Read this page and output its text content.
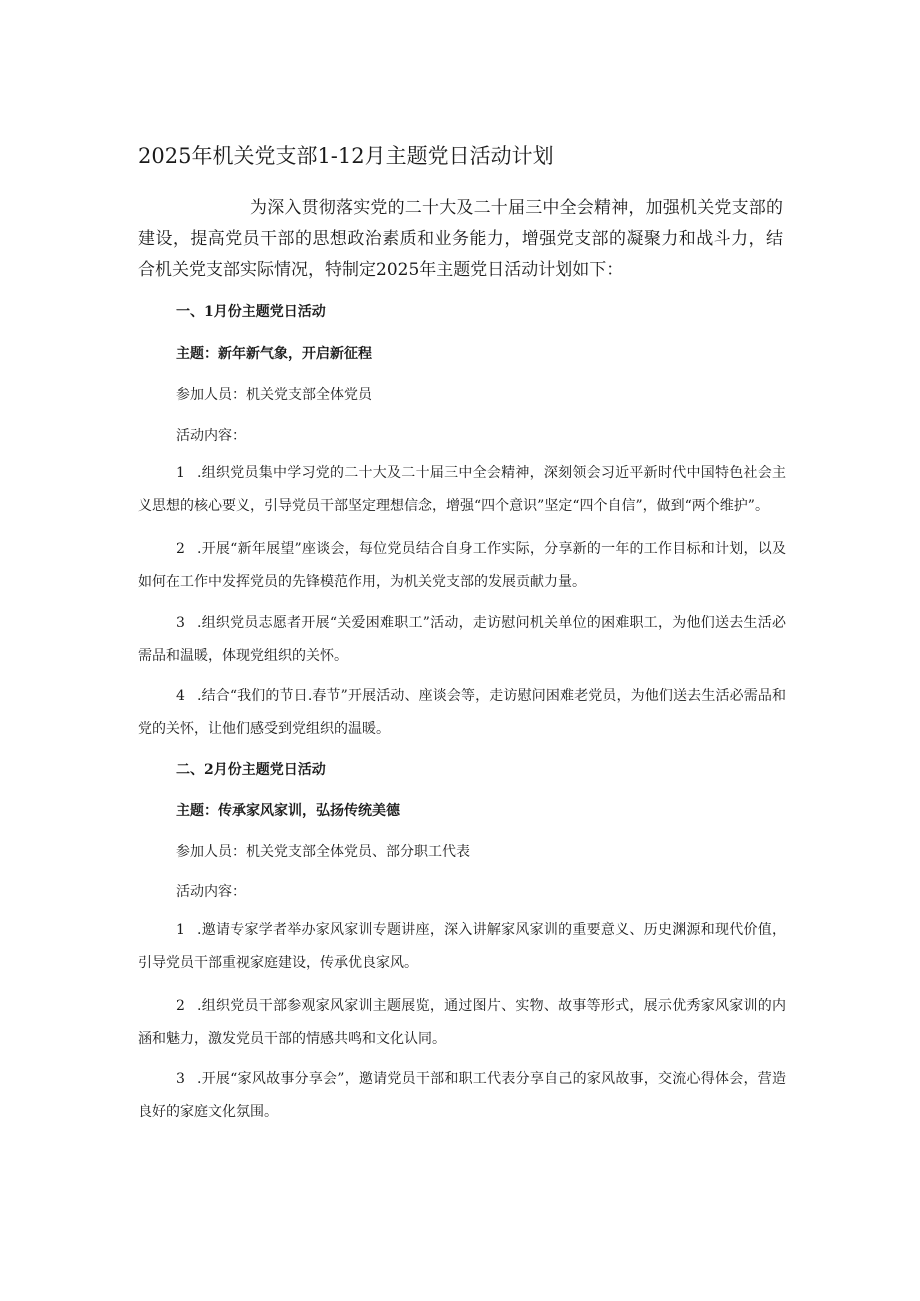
2025年机关党支部1-12月主题党日活动计划

为深入贯彻落实党的二十大及二十届三中全会精神，加强机关党支部的建设，提高党员干部的思想政治素质和业务能力，增强党支部的凝聚力和战斗力，结合机关党支部实际情况，特制定2025年主题党日活动计划如下：

一、1月份主题党日活动

主题：新年新气象，开启新征程

参加人员：机关党支部全体党员

活动内容：

1 .组织党员集中学习党的二十大及二十届三中全会精神，深刻领会习近平新时代中国特色社会主义思想的核心要义，引导党员干部坚定理想信念，增强“四个意识”坚定“四个自信”，做到“两个维护”。

2 .开展“新年展望”座谈会，每位党员结合自身工作实际，分享新的一年的工作目标和计划，以及如何在工作中发挥党员的先锋模范作用，为机关党支部的发展贡献力量。

3 .组织党员志愿者开展“关爱困难职工”活动，走访慰问机关单位的困难职工，为他们送去生活必需品和温暖，体现党组织的关怀。

4 .结合“我们的节日.春节”开展活动、座谈会等，走访慰问困难老党员，为他们送去生活必需品和党的关怀，让他们感受到党组织的温暖。

二、2月份主题党日活动

主题：传承家风家训，弘扬传统美德

参加人员：机关党支部全体党员、部分职工代表

活动内容：

1 .邀请专家学者举办家风家训专题讲座，深入讲解家风家训的重要意义、历史渊源和现代价值，引导党员干部重视家庭建设，传承优良家风。

2 .组织党员干部参观家风家训主题展览，通过图片、实物、故事等形式，展示优秀家风家训的内涵和魅力，激发党员干部的情感共鸣和文化认同。

3 .开展“家风故事分享会”，邀请党员干部和职工代表分享自己的家风故事，交流心得体会，营造良好的家庭文化氛围。
